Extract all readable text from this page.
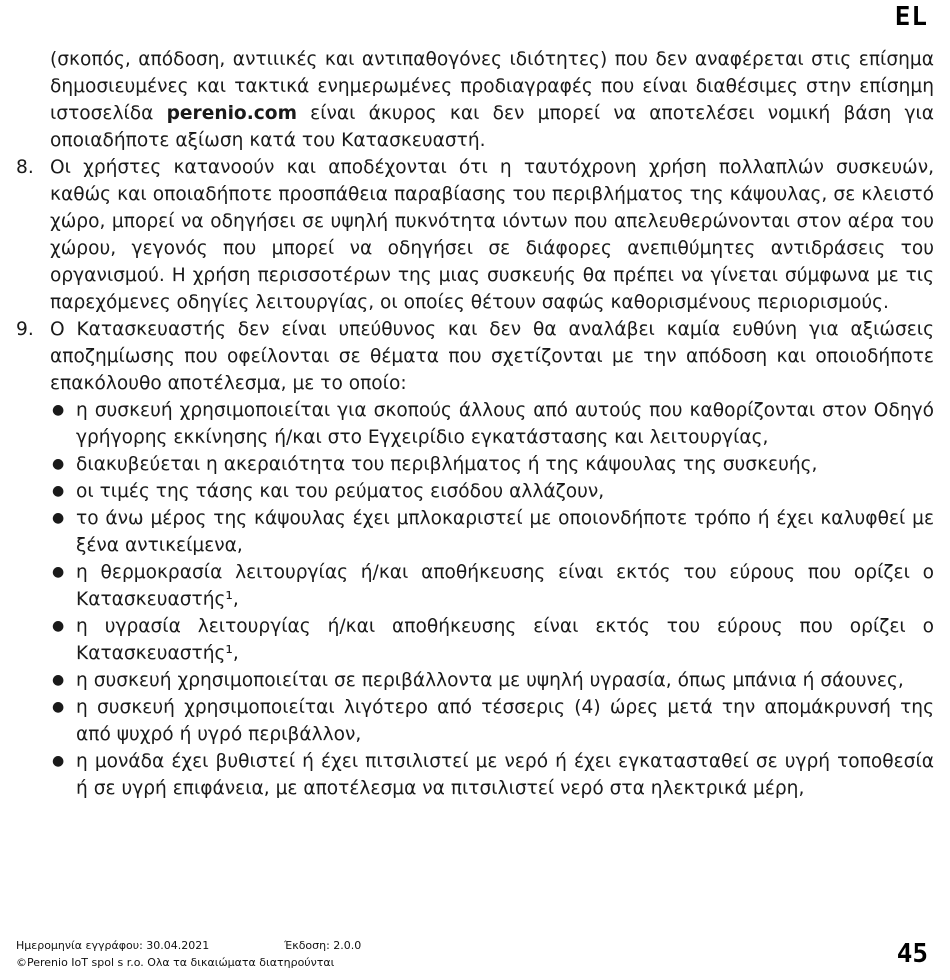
EL

(σκοπός, απόδοση, αντιιικές και αντιπαθογόνες ιδιότητες) που δεν αναφέρεται στις επίσημα δημοσιευμένες και τακτικά ενημερωμένες προδιαγραφές που είναι διαθέσιμες στην επίσημη ιστοσελίδα perenio.com είναι άκυρος και δεν μπορεί να αποτελέσει νομική βάση για οποιαδήποτε αξίωση κατά του Κατασκευαστή.

8. Οι χρήστες κατανοούν και αποδέχονται ότι η ταυτόχρονη χρήση πολλαπλών συσκευών, καθώς και οποιαδήποτε προσπάθεια παραβίασης του περιβλήματος της κάψουλας, σε κλειστό χώρο, μπορεί να οδηγήσει σε υψηλή πυκνότητα ιόντων που απελευθερώνονται στον αέρα του χώρου, γεγονός που μπορεί να οδηγήσει σε διάφορες ανεπιθύμητες αντιδράσεις του οργανισμού. Η χρήση περισσοτέρων της μιας συσκευής θα πρέπει να γίνεται σύμφωνα με τις παρεχόμενες οδηγίες λειτουργίας, οι οποίες θέτουν σαφώς καθορισμένους περιορισμούς.
9. Ο Κατασκευαστής δεν είναι υπεύθυνος και δεν θα αναλάβει καμία ευθύνη για αξιώσεις αποζημίωσης που οφείλονται σε θέματα που σχετίζονται με την απόδοση και οποιοδήποτε επακόλουθο αποτέλεσμα, με το οποίο:
● η συσκευή χρησιμοποιείται για σκοπούς άλλους από αυτούς που καθορίζονται στον Οδηγό γρήγορης εκκίνησης ή/και στο Εγχειρίδιο εγκατάστασης και λειτουργίας,
● διακυβεύεται η ακεραιότητα του περιβλήματος ή της κάψουλας της συσκευής,
● οι τιμές της τάσης και του ρεύματος εισόδου αλλάζουν,
● το άνω μέρος της κάψουλας έχει μπλοκαριστεί με οποιονδήποτε τρόπο ή έχει καλυφθεί με ξένα αντικείμενα,
● η θερμοκρασία λειτουργίας ή/και αποθήκευσης είναι εκτός του εύρους που ορίζει ο Κατασκευαστής¹,
● η υγρασία λειτουργίας ή/και αποθήκευσης είναι εκτός του εύρους που ορίζει ο Κατασκευαστής¹,
● η συσκευή χρησιμοποιείται σε περιβάλλοντα με υψηλή υγρασία, όπως μπάνια ή σάουνες,
● η συσκευή χρησιμοποιείται λιγότερο από τέσσερις (4) ώρες μετά την απομάκρυνσή της από ψυχρό ή υγρό περιβάλλον,
● η μονάδα έχει βυθιστεί ή έχει πιτσιλιστεί με νερό ή έχει εγκατασταθεί σε υγρή τοποθεσία ή σε υγρή επιφάνεια, με αποτέλεσμα να πιτσιλιστεί νερό στα ηλεκτρικά μέρη,
Ημερομηνία εγγράφου: 30.04.2021	Έκδοση: 2.0.0
©Perenio IoT spol s r.o. Ολα τα δικαιώματα διατηρούνται	45
